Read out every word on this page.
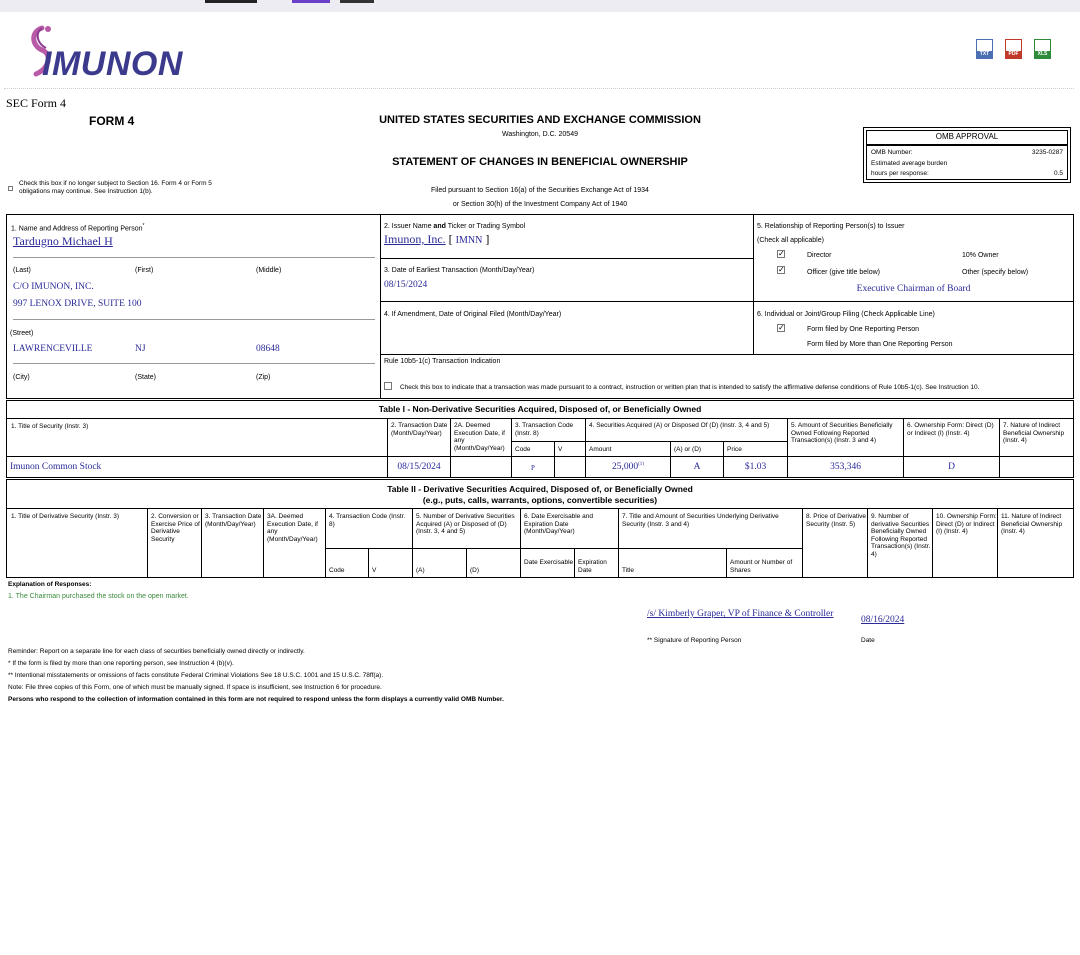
IMUNON	TXT	PDF	XLS
SEC Form 4
FORM 4	UNITED STATES SECURITIES AND EXCHANGE COMMISSION
Washington, D.C. 20549
STATEMENT OF CHANGES IN BENEFICIAL OWNERSHIP
Filed pursuant to Section 16(a) of the Securities Exchange Act of 1934
or Section 30(h) of the Investment Company Act of 1940
Check this box if no longer subject to Section 16. Form 4 or Form 5
obligations may continue. See Instruction 1(b).
OMB APPROVAL
OMB Number:	3235-0287
Estimated average burden
hours per response:	0.5
1. Name and Address of Reporting Person*
Tardugno Michael H
(Last)	(First)	(Middle)
C/O IMUNON, INC.
997 LENOX DRIVE, SUITE 100
(Street)
LAWRENCEVILLE	NJ	08648
(City)	(State)	(Zip)
2. Issuer Name and Ticker or Trading Symbol
Imunon, Inc. [ IMNN ]
3. Date of Earliest Transaction (Month/Day/Year)
08/15/2024
4. If Amendment, Date of Original Filed (Month/Day/Year)
5. Relationship of Reporting Person(s) to Issuer
(Check all applicable)
✓	Director	10% Owner
✓	Officer (give title below)	Other (specify below)
Executive Chairman of Board
6. Individual or Joint/Group Filing (Check Applicable Line)
✓	Form filed by One Reporting Person
Form filed by More than One Reporting Person
Rule 10b5-1(c) Transaction Indication
Check this box to indicate that a transaction was made pursuant to a contract, instruction or written plan that is intended to satisfy the affirmative defense conditions of Rule 10b5-1(c). See Instruction 10.
Table I - Non-Derivative Securities Acquired, Disposed of, or Beneficially Owned
1. Title of Security (Instr. 3)	2. Transaction Date (Month/Day/Year)
2A. Deemed Execution Date, if any (Month/Day/Year)
3. Transaction Code (Instr. 8)
4. Securities Acquired (A) or Disposed Of (D) (Instr. 3, 4 and 5)	5. Amount of Securities Beneficially Owned Following Reported Transaction(s) (Instr. 3 and 4)
6. Ownership Form: Direct (D) or Indirect (I) (Instr. 4)
7. Nature of Indirect Beneficial Ownership (Instr. 4)
Code	V	Amount	(A) or (D)	Price
Imunon Common Stock	08/15/2024	P	25,000$^{(1)}$	A	$1.03	353,346	D
Table II - Derivative Securities Acquired, Disposed of, or Beneficially Owned
(e.g., puts, calls, warrants, options, convertible securities)
1. Title of Derivative Security (Instr. 3)	2. Conversion or Exercise Price of Derivative Security
3. Transaction Date (Month/Day/Year)
3A. Deemed Execution Date, if any (Month/Day/Year)
4. Transaction Code (Instr. 8)
5. Number of Derivative Securities Acquired (A) or Disposed of (D) (Instr. 3, 4 and 5)
6. Date Exercisable and Expiration Date (Month/Day/Year)
7. Title and Amount of Securities Underlying Derivative Security (Instr. 3 and 4)
8. Price of Derivative Security (Instr. 5)
9. Number of derivative Securities Beneficially Owned Following Reported Transaction(s) (Instr. 4)
10. Ownership Form: Direct (D) or Indirect (I) (Instr. 4)
11. Nature of Indirect Beneficial Ownership (Instr. 4)
Code	V	(A)	(D)
Date Exercisable Expiration Date	Title
Amount or Number of Shares
Explanation of Responses:
1. The Chairman purchased the stock on the open market.
/s/ Kimberly Graper, VP of Finance & Controller
08/16/2024
** Signature of Reporting Person	Date
Reminder: Report on a separate line for each class of securities beneficially owned directly or indirectly.
* If the form is filed by more than one reporting person, see Instruction 4 (b)(v).
** Intentional misstatements or omissions of facts constitute Federal Criminal Violations See 18 U.S.C. 1001 and 15 U.S.C. 78ff(a).
Note: File three copies of this Form, one of which must be manually signed. If space is insufficient, see Instruction 6 for procedure.
Persons who respond to the collection of information contained in this form are not required to respond unless the form displays a currently valid OMB Number.
